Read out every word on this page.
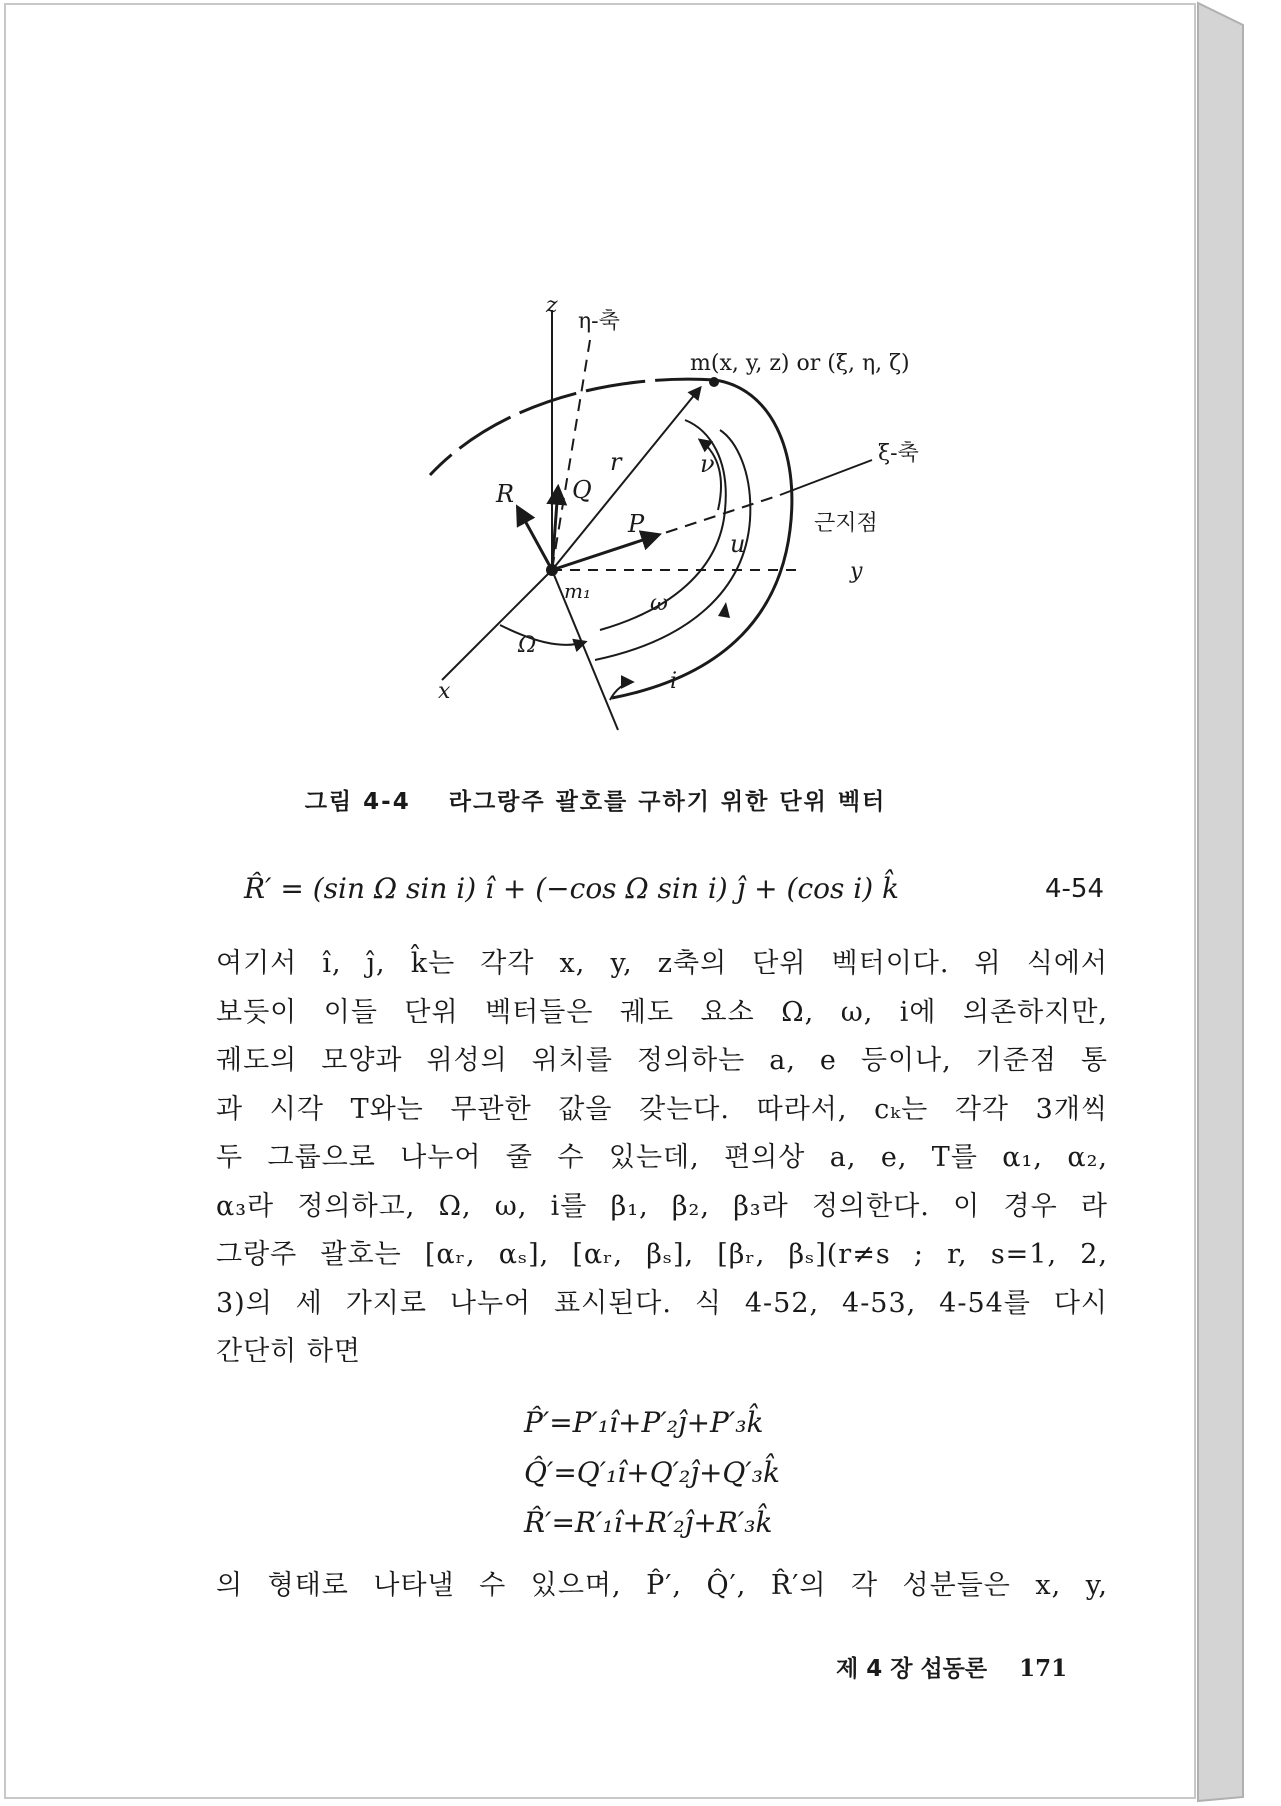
z
η-축
m(x, y, z) or (ξ, η, ζ)
ξ-축
R Q
r	ν
P
u
근지점
y
m₁	ω
Ω
x	i
그림 4-4 라그랑주 괄호를 구하기 위한 단위 벡터
R̂′ = (sin Ω sin i) î + (−cos Ω sin i) ĵ + (cos i) k̂	4-54
여기서 î, ĵ, k̂는 각각 x, y, z축의 단위 벡터이다. 위 식에서
보듯이 이들 단위 벡터들은 궤도 요소 Ω, ω, i에 의존하지만,
궤도의 모양과 위성의 위치를 정의하는 a, e 등이나, 기준점 통
과 시각 T와는 무관한 값을 갖는다. 따라서, cₖ는 각각 3개씩
두 그룹으로 나누어 줄 수 있는데, 편의상 a, e, T를 α₁, α₂,
α₃라 정의하고, Ω, ω, i를 β₁, β₂, β₃라 정의한다. 이 경우 라
그랑주 괄호는 [αᵣ, αₛ], [αᵣ, βₛ], [βᵣ, βₛ](r≠s ; r, s=1, 2,
3)의 세 가지로 나누어 표시된다. 식 4-52, 4-53, 4-54를 다시
간단히 하면
P̂′=P′₁î+P′₂ĵ+P′₃k̂
Q̂′=Q′₁î+Q′₂ĵ+Q′₃k̂
R̂′=R′₁î+R′₂ĵ+R′₃k̂
의 형태로 나타낼 수 있으며, P̂′, Q̂′, R̂′의 각 성분들은 x, y,
제 4 장 섭동론 171
